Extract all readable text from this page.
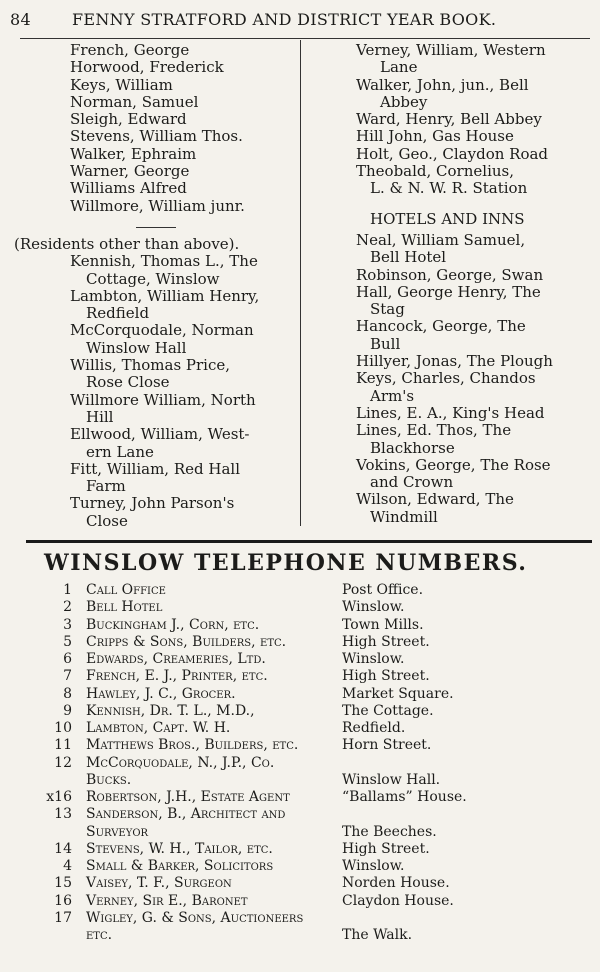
84	FENNY STRATFORD AND DISTRICT YEAR BOOK.
French, George
Horwood, Frederick
Keys, William
Norman, Samuel
Sleigh, Edward
Stevens, William Thos.
Walker, Ephraim
Warner, George
Williams Alfred
Willmore, William junr.
(Residents other than above).
Kennish, Thomas L., The
Cottage, Winslow
Lambton, William Henry,
Redfield
McCorquodale, Norman
Winslow Hall
Willis, Thomas Price,
Rose Close
Willmore William, North
Hill
Ellwood, William, West-
ern Lane
Fitt, William, Red Hall
Farm
Turney, John Parson's
Close
Verney, William, Western
Lane
Walker, John, jun., Bell
Abbey
Ward, Henry, Bell Abbey
Hill John, Gas House
Holt, Geo., Claydon Road
Theobald, Cornelius,
L. & N. W. R. Station
HOTELS AND INNS
Neal, William Samuel,
Bell Hotel
Robinson, George, Swan
Hall, George Henry, The
Stag
Hancock, George, The
Bull
Hillyer, Jonas, The Plough
Keys, Charles, Chandos
Arm's
Lines, E. A., King's Head
Lines, Ed. Thos, The
Blackhorse
Vokins, George, The Rose
and Crown
Wilson, Edward, The
Windmill
WINSLOW TELEPHONE NUMBERS.
1 Call Office	Post Office.
2 Bell Hotel	Winslow.
3 Buckingham J., Corn, etc.	Town Mills.
5 Cripps & Sons, Builders, etc.	High Street.
6 Edwards, Creameries, Ltd.	Winslow.
7 French, E. J., Printer, etc.	High Street.
8 Hawley, J. C., Grocer.	Market Square.
9 Kennish, Dr. T. L., M.D.,	The Cottage.
10 Lambton, Capt. W. H.	Redfield.
11 Matthews Bros., Builders, etc.	Horn Street.
12 McCorquodale, N., J.P., Co.
Bucks.	Winslow Hall.
x16 Robertson, J.H., Estate Agent	“Ballams” House.
13 Sanderson, B., Architect and
Surveyor	The Beeches.
14 Stevens, W. H., Tailor, etc.	High Street.
4 Small & Barker, Solicitors	Winslow.
15 Vaisey, T. F., Surgeon	Norden House.
16 Verney, Sir E., Baronet	Claydon House.
17 Wigley, G. & Sons, Auctioneers
etc.	The Walk.
